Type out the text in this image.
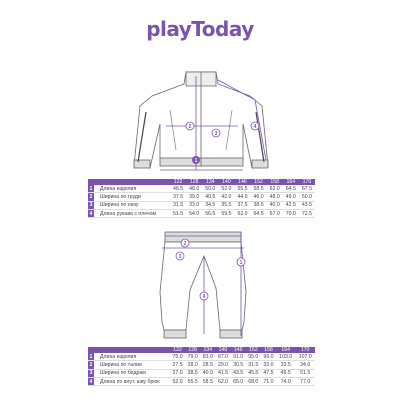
playToday
1
2
3
4
1
2
3
4
		122	128	134	140	146	152	158	164	170
1	Длина изделия	46.5	48.0	50.0	52.0	55.5	58.5	62.0	64.5	67.5
2	Ширина по груди	37.5	39.0	40.5	42.0	44.0	46.0	48.0	49.0	50.0
3	Ширина по низу	31.5	33.0	34.5	35.5	37.5	38.5	40.0	42.5	43.5
4	Длина рукава с плечом	51.5	54.0	56.5	59.5	62.0	64.5	67.0	70.0	72.5
		122	128	134	140	146	152	158	164	170
1	Длина изделия	75.0	79.0	83.0	87.0	91.0	95.0	99.0	103.0	107.0
2	Ширина по талии	27.5	28.0	28.5	29.0	30.5	31.5	33.0	33.5	34.0
3	Ширина по бедрам	37.0	38.5	40.0	41.5	43.5	45.5	47.5	49.5	51.5
4	Длина по внут. шву брюк	52.0	55.5	58.5	62.0	65.0	68.0	71.0	74.0	77.0
